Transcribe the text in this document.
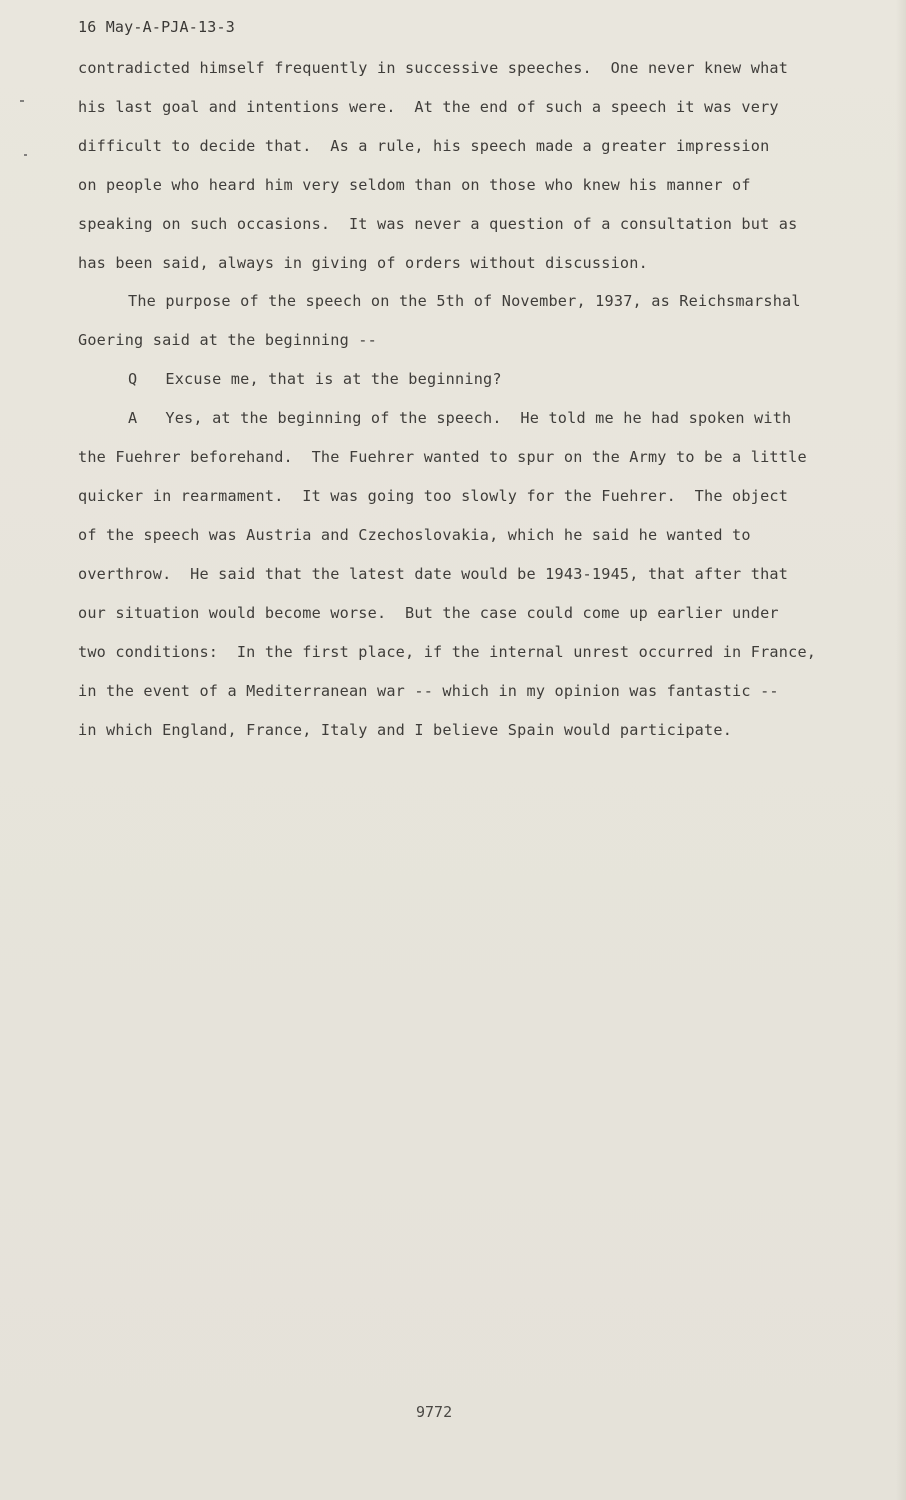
16 May-A-PJA-13-3
contradicted himself frequently in successive speeches.  One never knew what
his last goal and intentions were.  At the end of such a speech it was very
difficult to decide that.  As a rule, his speech made a greater impression
on people who heard him very seldom than on those who knew his manner of
speaking on such occasions.  It was never a question of a consultation but as
has been said, always in giving of orders without discussion.
The purpose of the speech on the 5th of November, 1937, as Reichsmarshal
Goering said at the beginning --
Q   Excuse me, that is at the beginning?
A   Yes, at the beginning of the speech.  He told me he had spoken with
the Fuehrer beforehand.  The Fuehrer wanted to spur on the Army to be a little
quicker in rearmament.  It was going too slowly for the Fuehrer.  The object
of the speech was Austria and Czechoslovakia, which he said he wanted to
overthrow.  He said that the latest date would be 1943-1945, that after that
our situation would become worse.  But the case could come up earlier under
two conditions:  In the first place, if the internal unrest occurred in France,
in the event of a Mediterranean war -- which in my opinion was fantastic --
in which England, France, Italy and I believe Spain would participate.
9772
